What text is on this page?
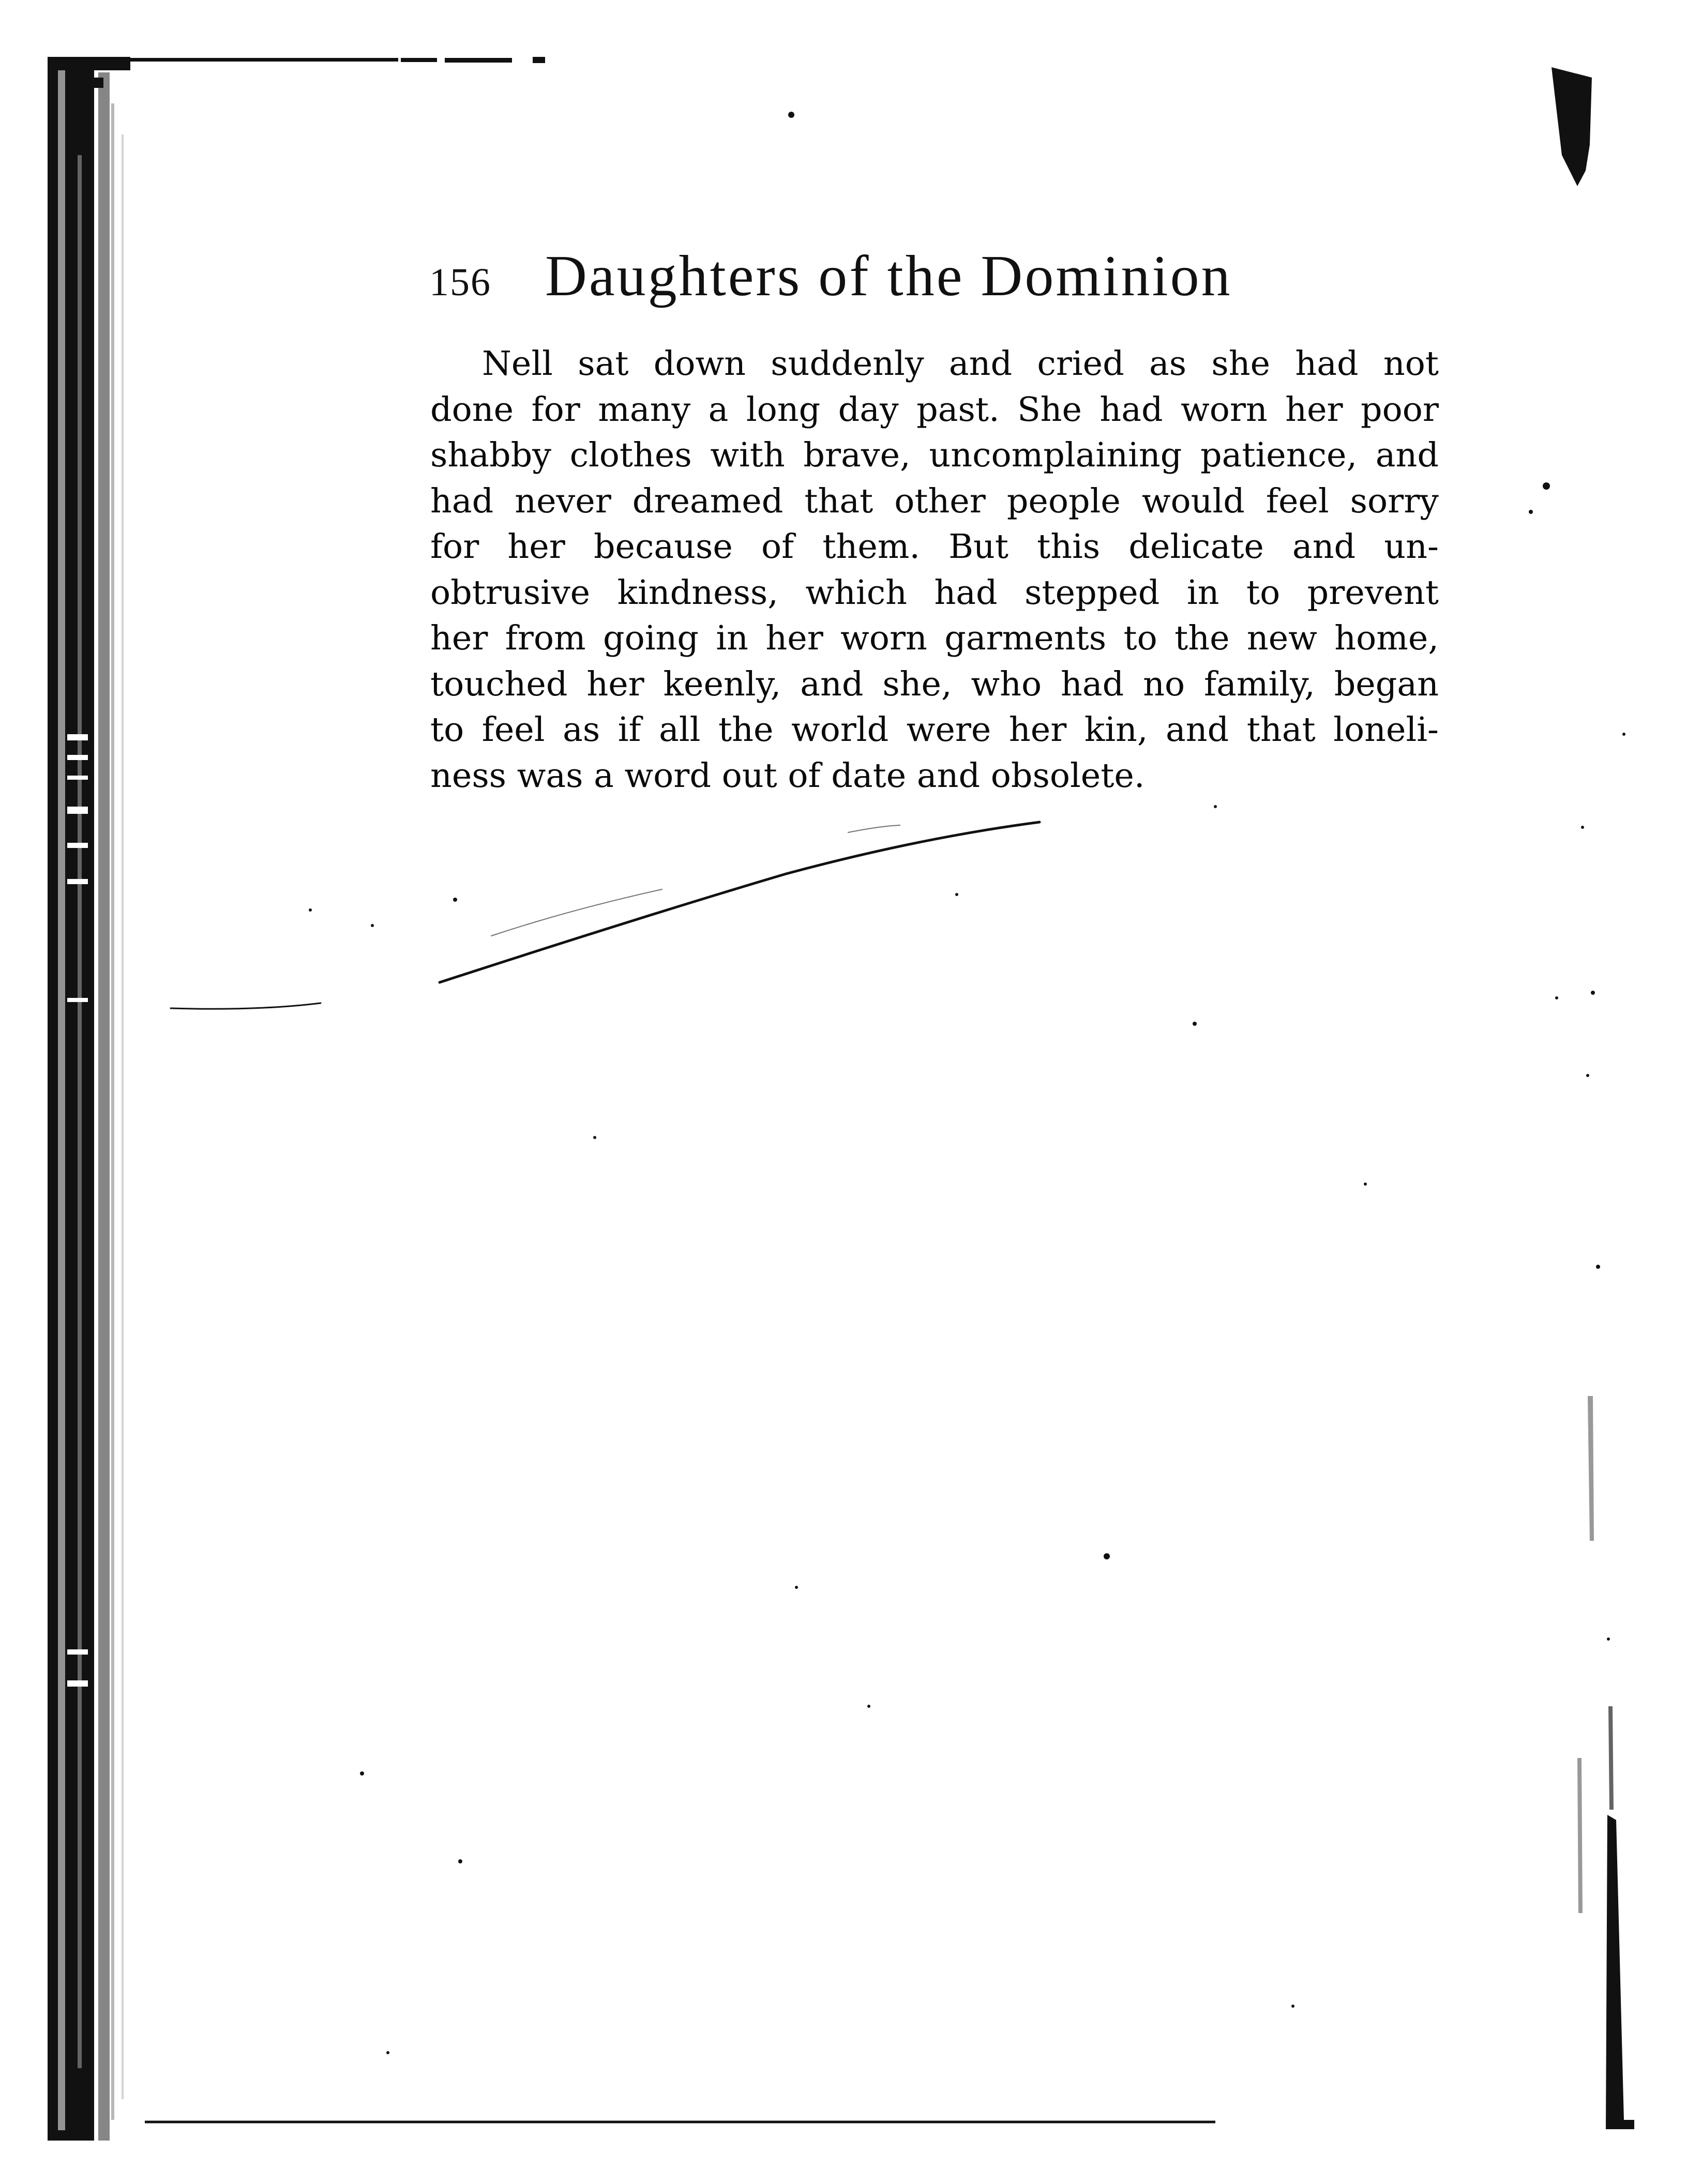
156 Daughters of the Dominion
Nell sat down suddenly and cried as she had not
done for many a long day past. She had worn her poor
shabby clothes with brave, uncomplaining patience, and
had never dreamed that other people would feel sorry
for her because of them. But this delicate and un-
obtrusive kindness, which had stepped in to prevent
her from going in her worn garments to the new home,
touched her keenly, and she, who had no family, began
to feel as if all the world were her kin, and that loneli-
ness was a word out of date and obsolete.
